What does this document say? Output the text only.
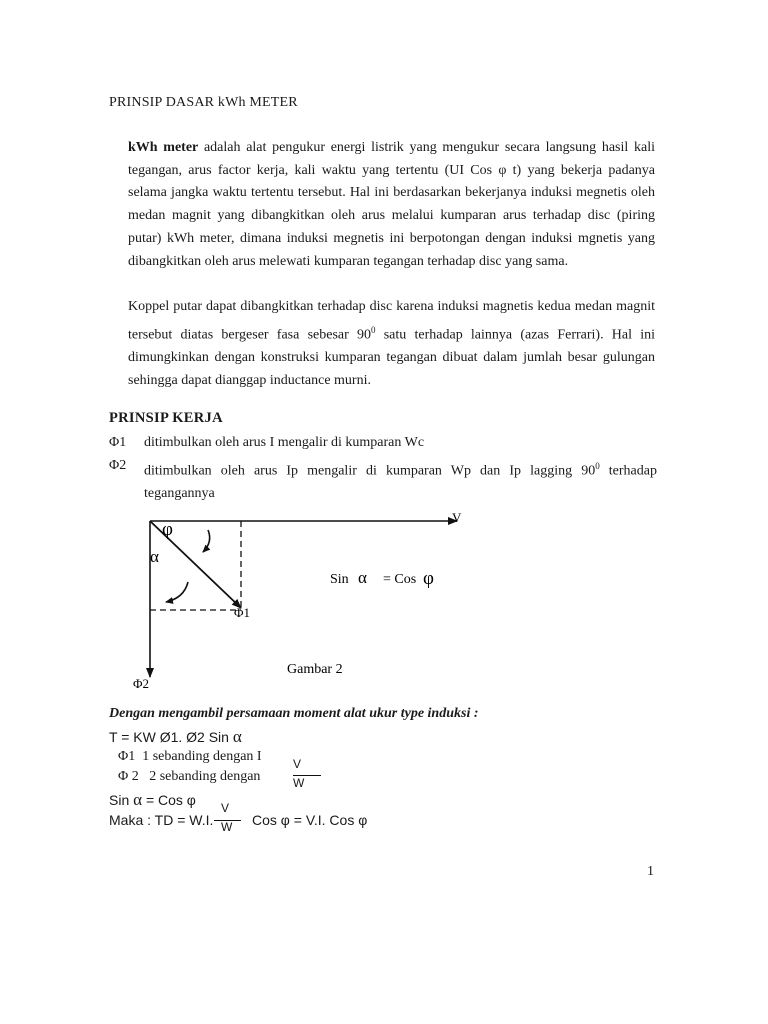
PRINSIP DASAR kWh METER

kWh meter adalah alat pengukur energi listrik yang mengukur secara langsung hasil kali tegangan, arus factor kerja, kali waktu yang tertentu (UI Cos φ t) yang bekerja padanya selama jangka waktu tertentu tersebut. Hal ini berdasarkan bekerjanya induksi megnetis oleh medan magnit yang dibangkitkan oleh arus melalui kumparan arus terhadap disc (piring putar) kWh meter, dimana induksi megnetis ini berpotongan dengan induksi mgnetis yang dibangkitkan oleh arus melewati kumparan tegangan terhadap disc yang sama.

Koppel putar dapat dibangkitkan terhadap disc karena induksi magnetis kedua medan magnit tersebut diatas bergeser fasa sebesar $90^0$ satu terhadap lainnya (azas Ferrari). Hal ini dimungkinkan dengan konstruksi kumparan tegangan dibuat dalam jumlah besar gulungan sehingga dapat dianggap inductance murni.

PRINSIP KERJA
Φ1	ditimbulkan oleh arus I mengalir di kumparan Wc
Φ2	ditimbulkan oleh arus Ip mengalir di kumparan Wp dan Ip lagging $90^0$ terhadap tegangannya
V
φ
α
Φ1
Φ2
Sin α = Cos φ
Gambar 2
Dengan mengambil persamaan moment alat ukur type induksi :
T = KW Ø1. Ø2 Sin α
Φ1 1 sebanding dengan I
Φ 2 2 sebanding dengan
V
W
Sin α = Cos φ
Maka : TD = W.I.
V
W Cos φ = V.I. Cos φ
1
